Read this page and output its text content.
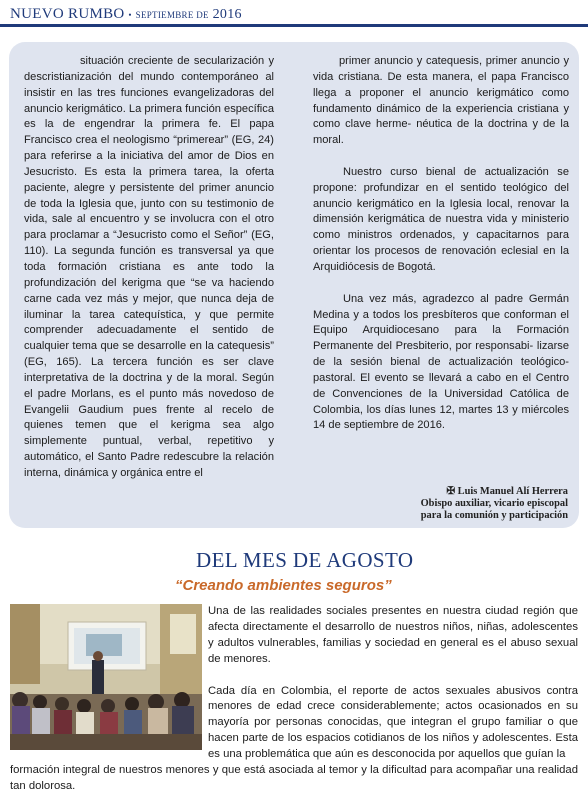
NUEVO RUMBO • SEPTIEMBRE DE 2016

situación creciente de secularización y descristianización del mundo contemporáneo al insistir en las tres funciones evangelizadoras del anuncio kerigmático. La primera función específica es la de engendrar la primera fe. El papa Francisco crea el neologismo “primerear” (EG, 24) para referirse a la iniciativa del amor de Dios en Jesucristo. Es esta la primera tarea, la oferta paciente, alegre y persistente del primer anuncio de toda la Iglesia que, junto con su testimonio de vida, sale al encuentro y se involucra con el otro para proclamar a “Jesucristo como el Señor” (EG, 110). La segunda función es transversal ya que toda formación cristiana es ante todo la profundización del kerigma que “se va haciendo carne cada vez más y mejor, que nunca deja de iluminar la tarea catequística, y que permite comprender adecuadamente el sentido de cualquier tema que se desarrolle en la catequesis” (EG, 165). La tercera función es ser clave interpretativa de la doctrina y de la moral. Según el padre Morlans, es el punto más novedoso de Evangelii Gaudium pues frente al recelo de quienes temen que el kerigma sea algo simplemente puntual, verbal, repetitivo y automático, el Santo Padre redescubre la relación interna, dinámica y orgánica entre el

primer anuncio y catequesis, primer anuncio y vida cristiana. De esta manera, el papa Francisco llega a proponer el anuncio kerigmático como fundamento dinámico de la experiencia cristiana y como clave herme- néutica de la doctrina y de la moral.

Nuestro curso bienal de actualización se propone: profundizar en el sentido teológico del anuncio kerigmático en la Iglesia local, renovar la dimensión kerigmática de nuestra vida y ministerio como ministros ordenados, y capacitarnos para orientar los procesos de renovación eclesial en la Arquidiócesis de Bogotá.

Una vez más, agradezco al padre Germán Medina y a todos los presbíteros que conforman el Equipo Arquidiocesano para la Formación Permanente del Presbiterio, por responsabi- lizarse de la sesión bienal de actualización teológico-pastoral. El evento se llevará a cabo en el Centro de Convenciones de la Universidad Católica de Colombia, los días lunes 12, martes 13 y miércoles 14 de septiembre de 2016.

✠ Luis Manuel Alí Herrera
Obispo auxiliar, vicario episcopal
para la comunión y participación
DEL MES DE AGOSTO
“Creando ambientes seguros”

Una de las realidades sociales presentes en nuestra ciudad región que afecta directamente el desarrollo de nuestros niños, niñas, adolescentes y adultos vulnerables, familias y sociedad en general es el abuso sexual de menores.

Cada día en Colombia, el reporte de actos sexuales abusivos contra menores de edad crece considerablemente; actos ocasionados en su mayoría por personas conocidas, que integran el grupo familiar o que hacen parte de los espacios cotidianos de los niños y adolescentes. Esta es una problemática que aún es desconocida por aquellos que guían la

formación integral de nuestros menores y que está asociada al temor y la dificultad para acompañar una realidad tan dolorosa.
